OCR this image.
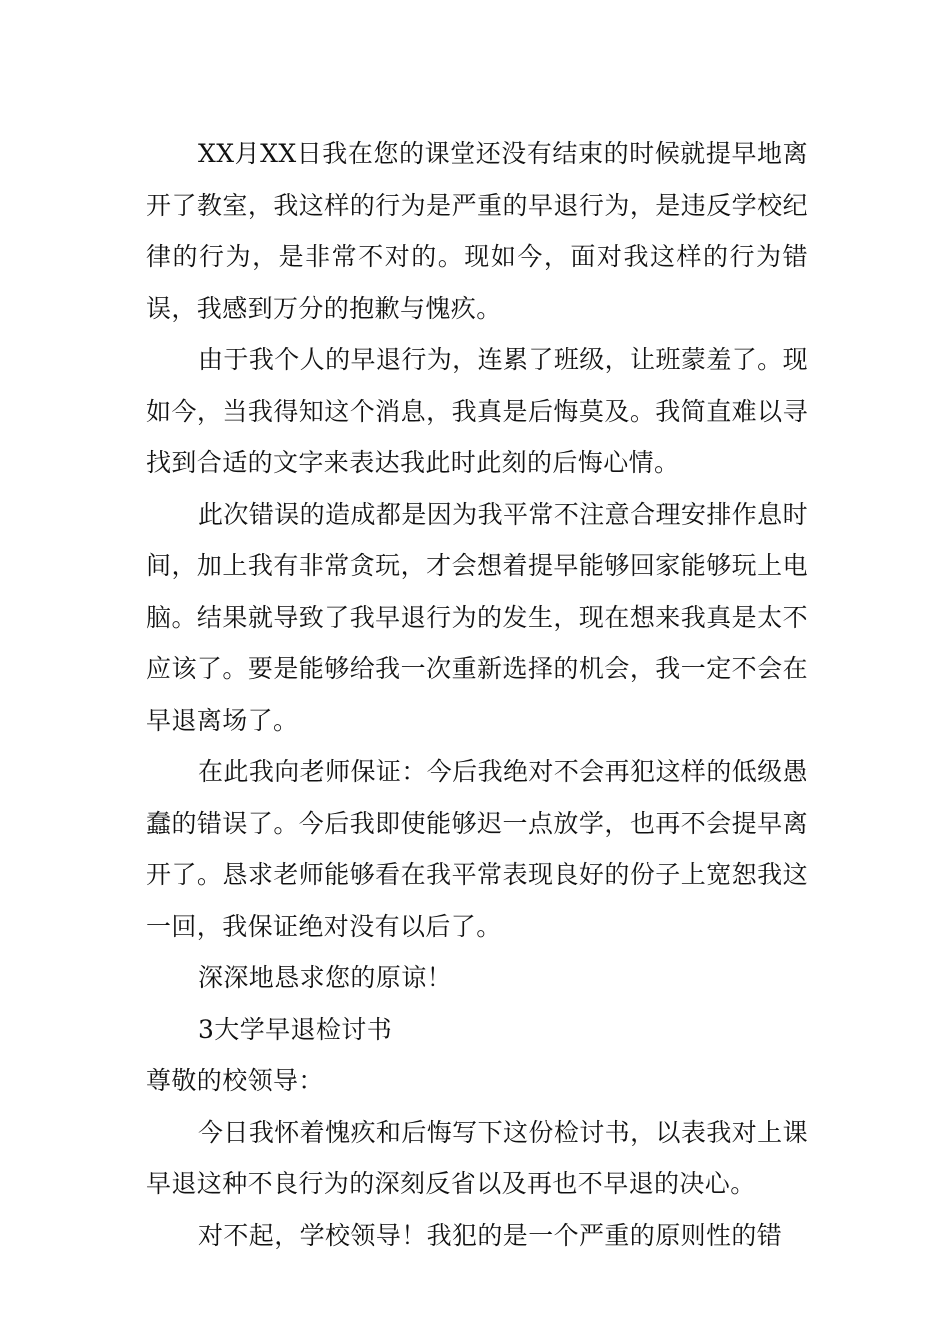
XX月XX日我在您的课堂还没有结束的时候就提早地离开了教室，我这样的行为是严重的早退行为，是违反学校纪律的行为，是非常不对的。现如今，面对我这样的行为错误，我感到万分的抱歉与愧疚。

由于我个人的早退行为，连累了班级，让班蒙羞了。现如今，当我得知这个消息，我真是后悔莫及。我简直难以寻找到合适的文字来表达我此时此刻的后悔心情。

此次错误的造成都是因为我平常不注意合理安排作息时间，加上我有非常贪玩，才会想着提早能够回家能够玩上电脑。结果就导致了我早退行为的发生，现在想来我真是太不应该了。要是能够给我一次重新选择的机会，我一定不会在早退离场了。

在此我向老师保证：今后我绝对不会再犯这样的低级愚蠢的错误了。今后我即使能够迟一点放学，也再不会提早离开了。恳求老师能够看在我平常表现良好的份子上宽恕我这一回，我保证绝对没有以后了。

深深地恳求您的原谅！

3大学早退检讨书

尊敬的校领导：

今日我怀着愧疚和后悔写下这份检讨书，以表我对上课早退这种不良行为的深刻反省以及再也不早退的决心。

对不起，学校领导！我犯的是一个严重的原则性的错
